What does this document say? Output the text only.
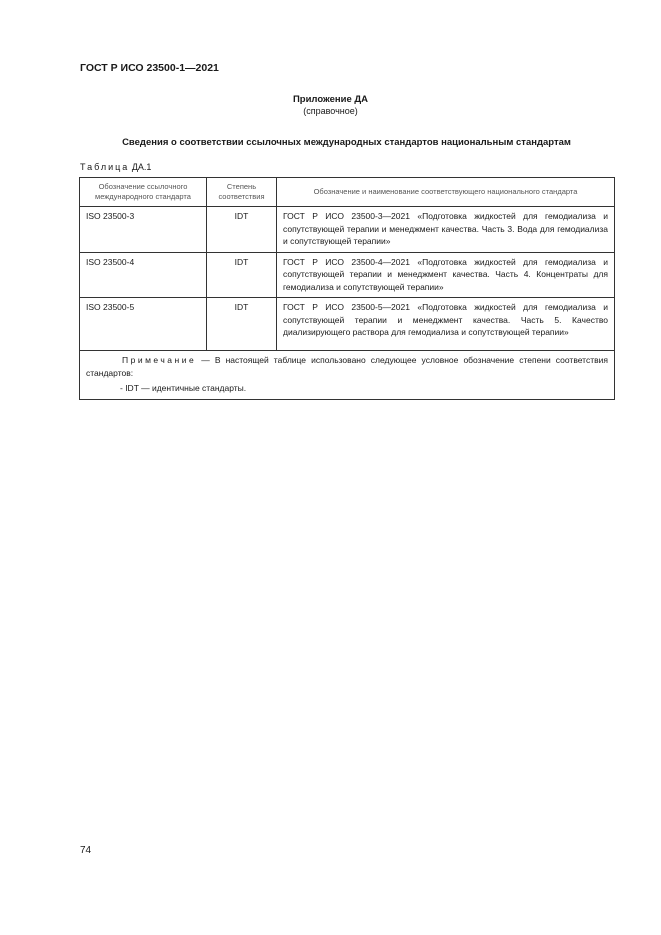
ГОСТ Р ИСО 23500-1—2021
Приложение ДА
(справочное)
Сведения о соответствии ссылочных международных стандартов национальным стандартам
Таблица ДА.1
Обозначение ссылочного международного стандарта	Степень соответствия	Обозначение и наименование соответствующего национального стандарта
ISO 23500-3	IDT	ГОСТ Р ИСО 23500-3—2021 «Подготовка жидкостей для гемодиализа и сопутствующей терапии и менеджмент качества. Часть 3. Вода для гемодиализа и сопутствующей терапии»
ISO 23500-4	IDT	ГОСТ Р ИСО 23500-4—2021 «Подготовка жидкостей для гемодиализа и сопутствующей терапии и менеджмент качества. Часть 4. Концентраты для гемодиализа и сопутствующей терапии»
ISO 23500-5	IDT	ГОСТ Р ИСО 23500-5—2021 «Подготовка жидкостей для гемодиализа и сопутствующей терапии и менеджмент качества. Часть 5. Качество диализирующего раствора для гемодиализа и сопутствующей терапии»

Примечание — В настоящей таблице использовано следующее условное обозначение степени соответствия стандартов:
- IDT — идентичные стандарты.		
74
